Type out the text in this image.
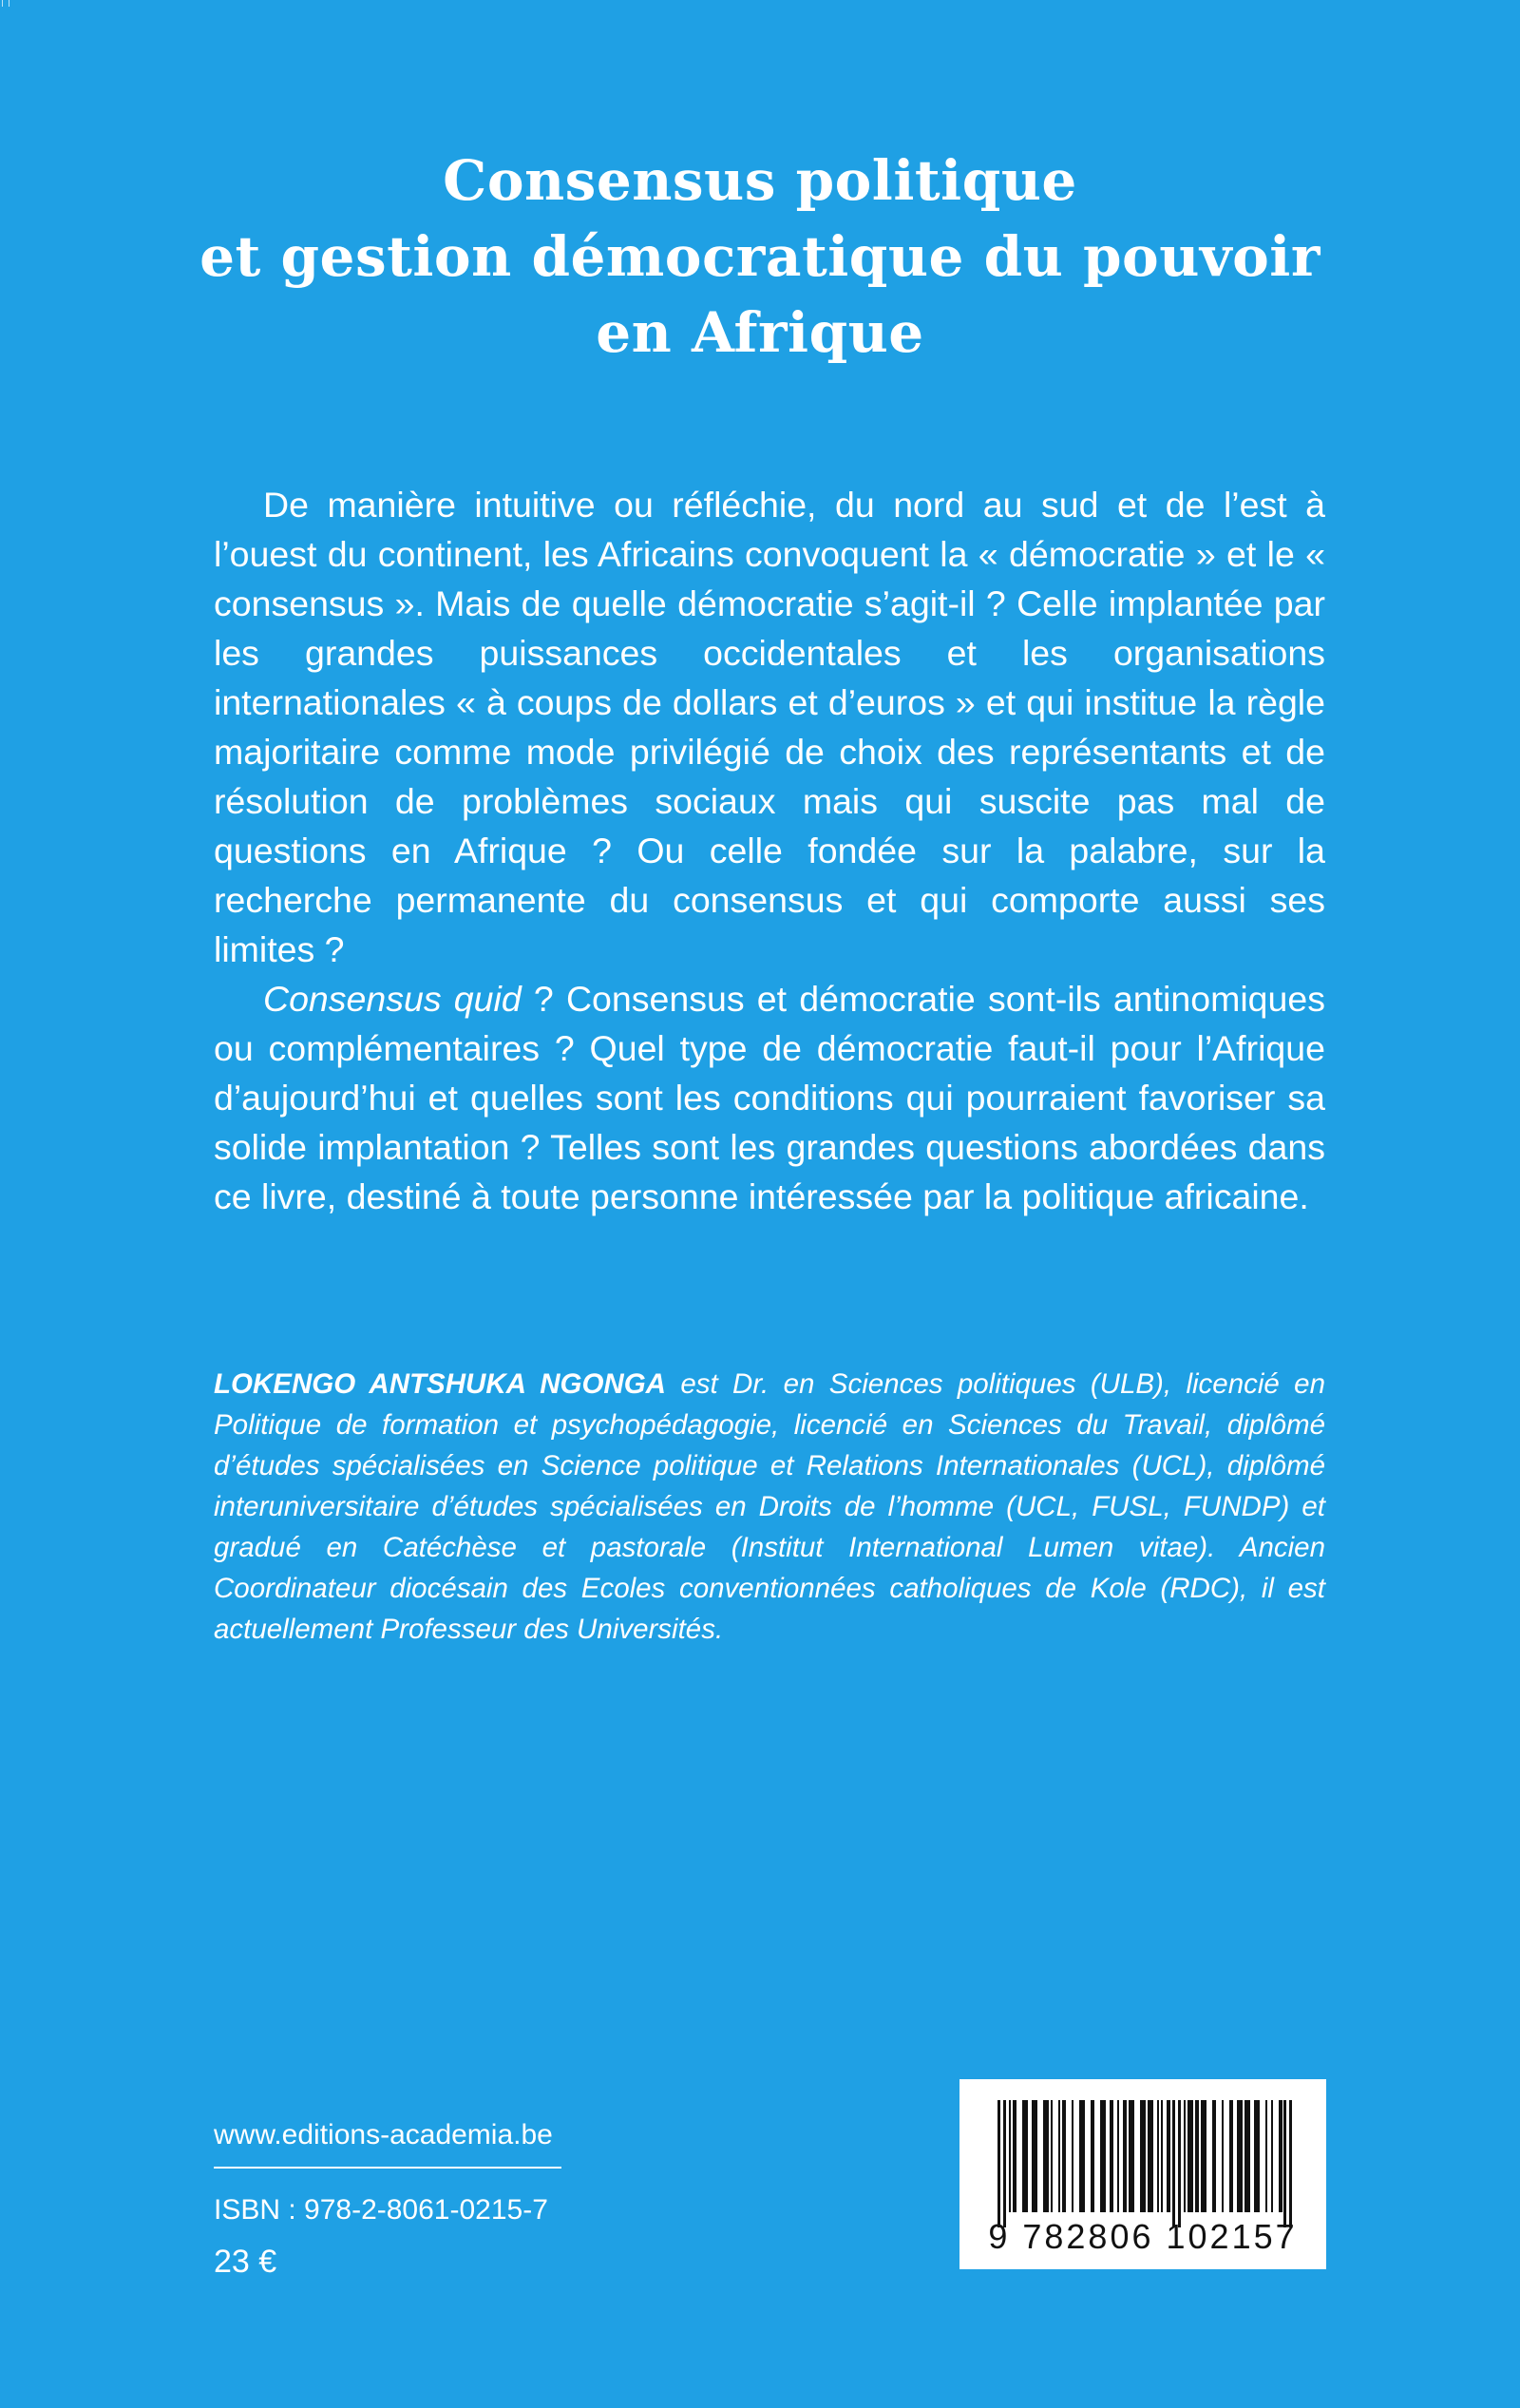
Consensus politique
et gestion démocratique du pouvoir
en Afrique

De manière intuitive ou réfléchie, du nord au sud et de l’est à l’ouest du continent, les Africains convoquent la « démocratie » et le « consensus ». Mais de quelle démocratie s’agit-il ? Celle implantée par les grandes puissances occidentales et les organisations internationales « à coups de dollars et d’euros » et qui institue la règle majoritaire comme mode privilégié de choix des représentants et de résolution de problèmes sociaux mais qui suscite pas mal de questions en Afrique ? Ou celle fondée sur la palabre, sur la recherche permanente du consensus et qui comporte aussi ses limites ?

Consensus quid ? Consensus et démocratie sont-ils antinomiques ou complémentaires ? Quel type de démocratie faut-il pour l’Afrique d’aujourd’hui et quelles sont les conditions qui pourraient favoriser sa solide implantation ? Telles sont les grandes questions abordées dans ce livre, destiné à toute personne intéressée par la politique africaine.

LOKENGO ANTSHUKA NGONGA est Dr. en Sciences politiques (ULB), licencié en Politique de formation et psychopédagogie, licencié en Sciences du Travail, diplômé d’études spécialisées en Science politique et Relations Internationales (UCL), diplômé interuniversitaire d’études spécialisées en Droits de l’homme (UCL, FUSL, FUNDP) et gradué en Catéchèse et pastorale (Institut International Lumen vitae). Ancien Coordinateur diocésain des Ecoles conventionnées catholiques de Kole (RDC), il est actuellement Professeur des Universités.
www.editions-academia.be
ISBN : 978-2-8061-0215-7
23 €
9 782806 102157
